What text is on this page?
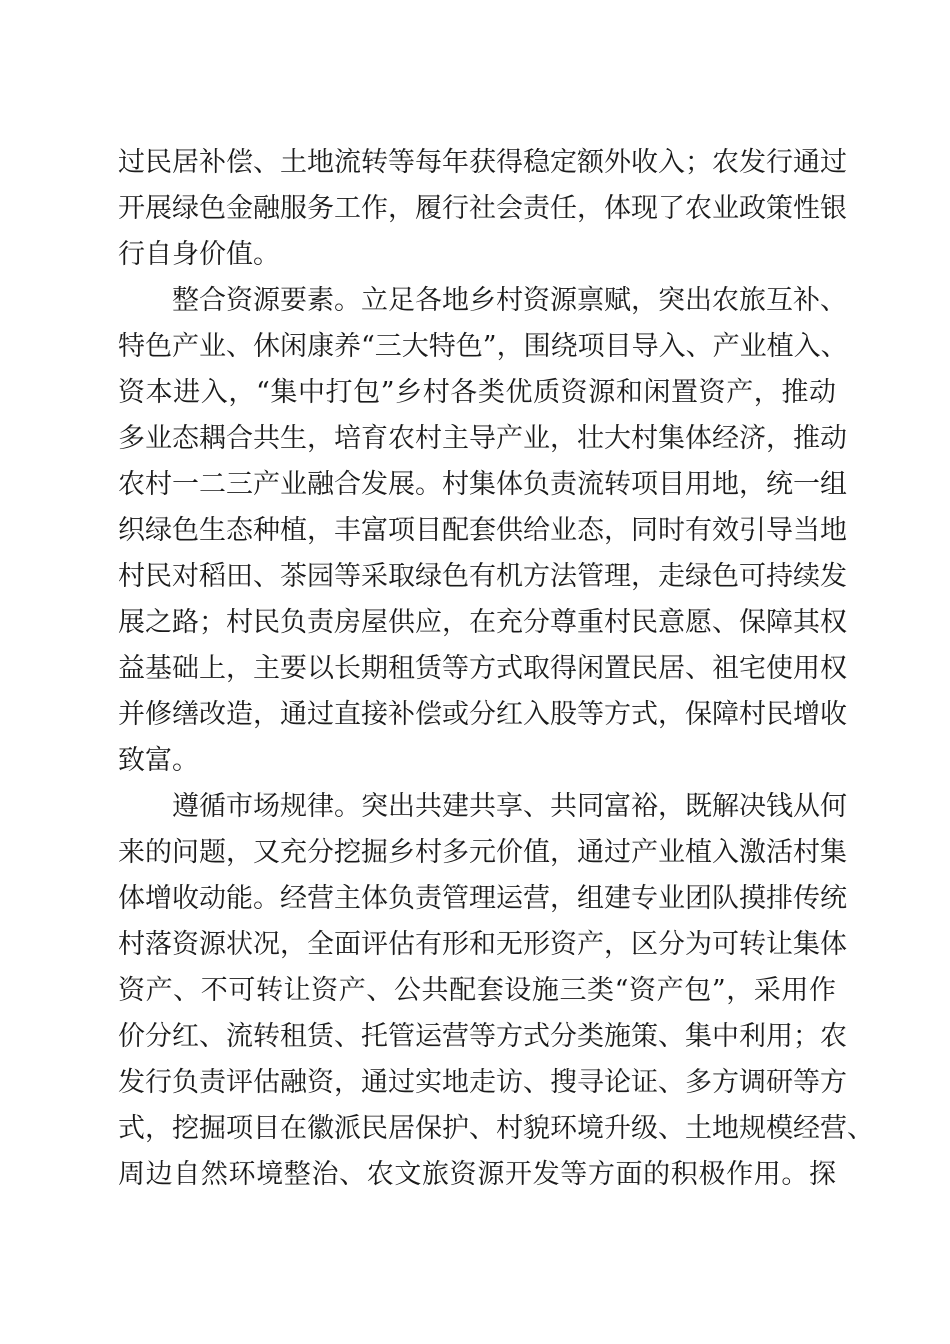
过民居补偿、土地流转等每年获得稳定额外收入；农发行通过
开展绿色金融服务工作，履行社会责任，体现了农业政策性银
行自身价值。
整合资源要素。立足各地乡村资源禀赋，突出农旅互补、
特色产业、休闲康养“三大特色”，围绕项目导入、产业植入、
资本进入，“集中打包”乡村各类优质资源和闲置资产，推动
多业态耦合共生，培育农村主导产业，壮大村集体经济，推动
农村一二三产业融合发展。村集体负责流转项目用地，统一组
织绿色生态种植，丰富项目配套供给业态，同时有效引导当地
村民对稻田、茶园等采取绿色有机方法管理，走绿色可持续发
展之路；村民负责房屋供应，在充分尊重村民意愿、保障其权
益基础上，主要以长期租赁等方式取得闲置民居、祖宅使用权
并修缮改造，通过直接补偿或分红入股等方式，保障村民增收
致富。
遵循市场规律。突出共建共享、共同富裕，既解决钱从何
来的问题，又充分挖掘乡村多元价值，通过产业植入激活村集
体增收动能。经营主体负责管理运营，组建专业团队摸排传统
村落资源状况，全面评估有形和无形资产，区分为可转让集体
资产、不可转让资产、公共配套设施三类“资产包”，采用作
价分红、流转租赁、托管运营等方式分类施策、集中利用；农
发行负责评估融资，通过实地走访、搜寻论证、多方调研等方
式，挖掘项目在徽派民居保护、村貌环境升级、土地规模经营、
周边自然环境整治、农文旅资源开发等方面的积极作用。探
